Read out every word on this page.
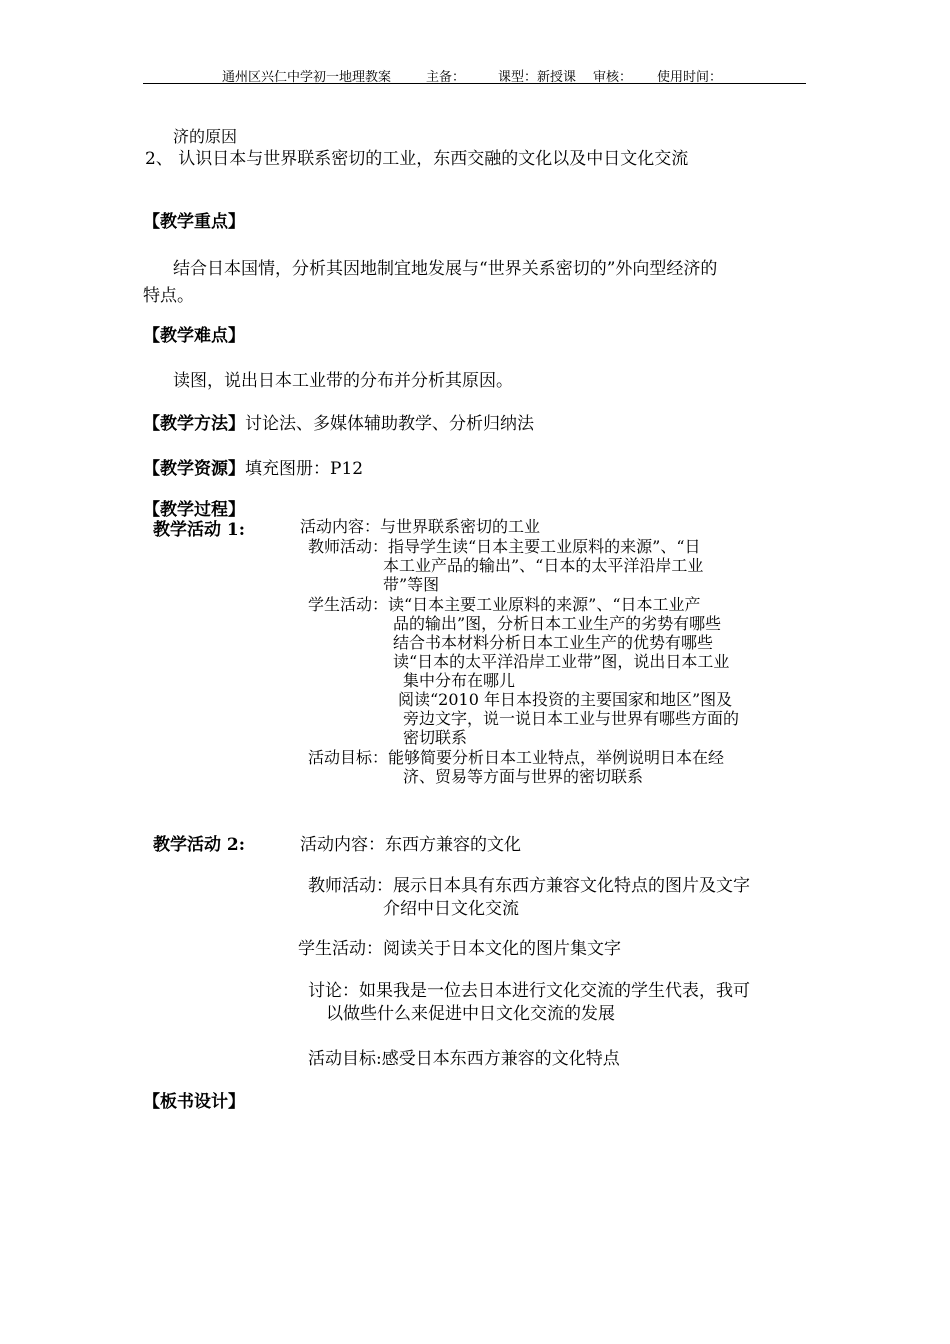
通州区兴仁中学初一地理教案	主备：	课型：新授课 审核： 使用时间：
济的原因
2、 认识日本与世界联系密切的工业，东西交融的文化以及中日文化交流
【教学重点】
结合日本国情，分析其因地制宜地发展与“世界关系密切的”外向型经济的
特点。
【教学难点】
读图，说出日本工业带的分布并分析其原因。
【教学方法】讨论法、多媒体辅助教学、分析归纳法
【教学资源】填充图册：P12
【教学过程】
教学活动 1:	活动内容：与世界联系密切的工业
教师活动：指导学生读“日本主要工业原料的来源”、“日
本工业产品的输出”、“日本的太平洋沿岸工业
带”等图
学生活动：读“日本主要工业原料的来源”、“日本工业产
品的输出”图，分析日本工业生产的劣势有哪些
结合书本材料分析日本工业生产的优势有哪些
读“日本的太平洋沿岸工业带”图，说出日本工业
集中分布在哪儿
阅读“2010 年日本投资的主要国家和地区”图及
旁边文字，说一说日本工业与世界有哪些方面的
密切联系
活动目标：能够简要分析日本工业特点，举例说明日本在经
济、贸易等方面与世界的密切联系
教学活动 2:	活动内容：东西方兼容的文化
教师活动：展示日本具有东西方兼容文化特点的图片及文字
介绍中日文化交流
学生活动：阅读关于日本文化的图片集文字
讨论：如果我是一位去日本进行文化交流的学生代表，我可
以做些什么来促进中日文化交流的发展
活动目标:感受日本东西方兼容的文化特点
【板书设计】
